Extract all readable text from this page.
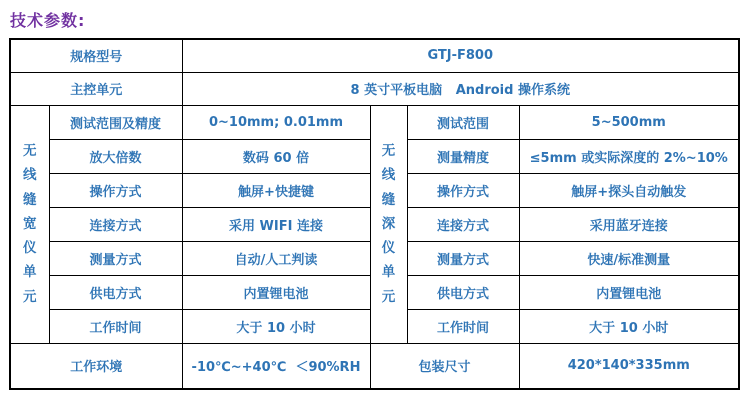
技术参数:
规格型号		GTJ-F800			
主控单元		8 英寸平板电脑   Android 操作系统			

无线缝宽仪单元	测试范围及精度	0~10mm; 0.01mm	无线缝深仪单元	测试范围	5~500mm
	放大倍数	数码 60 倍		测量精度	≤5mm 或实际深度的 2%~10%
	操作方式	触屏+快捷键		操作方式	触屏+探头自动触发
	连接方式	采用 WIFI 连接		连接方式	采用蓝牙连接
	测量方式	自动/人工判读		测量方式	快速/标准测量
	供电方式	内置锂电池		供电方式	内置锂电池
	工作时间	大于 10 小时		工作时间	大于 10 小时
工作环境		-10℃~+40℃  ＜90%RH	包装尺寸		420*140*335mm
